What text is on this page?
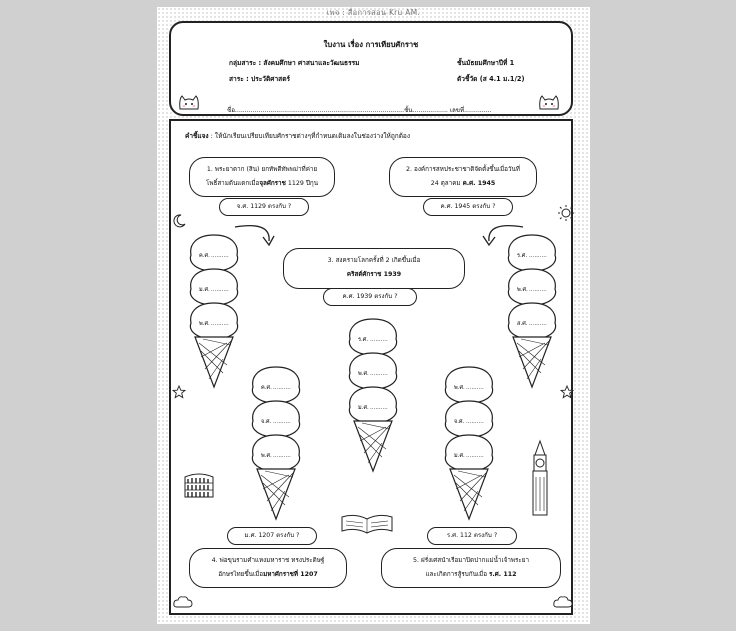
เพจ : สื่อการสอน Kru AM.
ใบงาน เรื่อง การเทียบศักราช
กลุ่มสาระ : สังคมศึกษา ศาสนาและวัฒนธรรม	ชั้นมัธยมศึกษาปีที่ 1
สาระ : ประวัติศาสตร์	ตัวชี้วัด (ส 4.1 ม.1/2)
ชื่อ......................................................................................ชั้น.................. เลขที่..............
คำชี้แจง : ให้นักเรียนเปรียบเทียบศักราชต่างๆที่กำหนดเติมลงในช่องว่างให้ถูกต้อง
1. พระยาตาก (สิน) ยกทัพตีทัพพม่าที่ค่าย
โพธิ์สามต้นแตกเมื่อจุลศักราช 1129 ปีกุน
จ.ศ. 1129 ตรงกับ ?
2. องค์การสหประชาชาติจัดตั้งขึ้นเมื่อวันที่
24 ตุลาคม ค.ศ. 1945
ค.ศ. 1945 ตรงกับ ?
3. สงครามโลกครั้งที่ 2 เกิดขึ้นเมื่อ
คริสต์ศักราช 1939
ค.ศ. 1939 ตรงกับ ?
ม.ศ. 1207 ตรงกับ ?
4. พ่อขุนรามคำแหงมหาราช ทรงประดิษฐ์
อักษรไทยขึ้นเมื่อมหาศักราชที่ 1207
ร.ศ. 112 ตรงกับ ?
5. ฝรั่งเศสนำเรือมาปิดปากแม่น้ำเจ้าพระยา
และเกิดการสู้รบกันเมื่อ ร.ศ. 112
ค.ศ. ..........
ม.ศ. ..........
พ.ศ. ..........
ร.ศ. ..........
พ.ศ. ..........
ส.ศ. ..........
ร.ศ. ..........
พ.ศ. ..........
ม.ศ. ..........
ค.ศ. ..........
จ.ศ. ..........
พ.ศ. ..........
พ.ศ. ..........
จ.ศ. ..........
ม.ศ. ..........
